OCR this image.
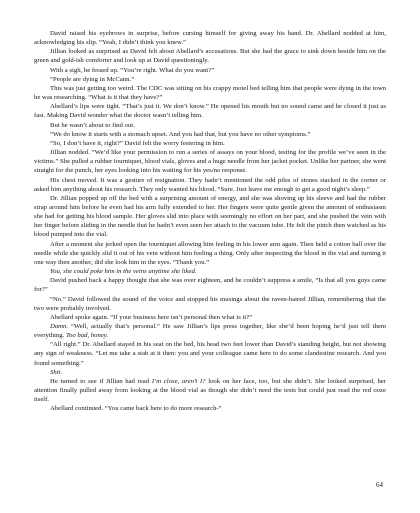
David raised his eyebrows in surprise, before cursing himself for giving away his hand. Dr. Abellard nodded at him, acknowledging his slip. “Yeah, I didn’t think you knew.”

Jillian looked as surprised as David felt about Abellard’s accusations. But she had the grace to sink down beside him on the green and gold-ish comforter and look up at David questioningly.

With a sigh, he fessed up. “You’re right. What do you want?”

“People are dying in McCann.”

This was just getting too weird. The CDC was sitting on his crappy motel bed telling him that people were dying in the town he was researching. “What is it that they have?”

Abellard’s lips were tight. “That’s just it. We don’t know.” He opened his mouth but no sound came and he closed it just as fast. Making David wonder what the doctor wasn’t telling him.

But he wasn’t about to find out.

“We do know it starts with a stomach upset. And you had that, but you have no other symptoms.”

“So, I don’t have it, right?” David felt the worry festering in him.

Jillian nodded. “We’d like your permission to run a series of assays on your blood, testing for the profile we’ve seen in the victims.” She pulled a rubber tourniquet, blood vials, gloves and a huge needle from her jacket pocket. Unlike her partner, she went straight for the punch, her eyes looking into his waiting for his yes/no response.

His chest moved. It was a gesture of resignation. They hadn’t mentioned the odd piles of stones stacked in the corner or asked him anything about his research. They only wanted his blood. “Sure. Just leave me enough to get a good night’s sleep.”

Dr. Jillian popped up off the bed with a surprising amount of energy, and she was shoving up his sleeve and had the rubber strap around him before he even had his arm fully extended to her. Her fingers were quite gentle given the amount of enthusiasm she had for getting his blood sample. Her gloves slid into place with seemingly no effort on her part, and she pushed the vein with her finger before sliding in the needle that he hadn’t even seen her attach to the vacuum tube. He felt the pinch then watched as his blood pumped into the vial.

After a moment she jerked open the tourniquet allowing him feeling in his lower arm again. Then held a cotton ball over the needle while she quickly slid it out of his vein without him feeling a thing. Only after inspecting the blood in the vial and turning it one way then another, did she look him in the eyes. “Thank you.”

You, she could poke him in the veins anytime she liked.

David pushed back a happy thought that she was over eighteen, and he couldn’t suppress a smile, “Is that all you guys came for?”

“No.” David followed the sound of the voice and stopped his musings about the raven-haired Jillian, remembering that the two were probably involved.

Abellard spoke again. “If your business here isn’t personal then what is it?”

Damn. “Well, actually that’s personal.” He saw Jillian’s lips press together, like she’d been hoping he’d just tell them everything. Too bad, honey.

“All right.” Dr. Abellard stayed in his seat on the bed, his head two feet lower than David’s standing height, but not showing any sign of weakness. “Let me take a stab at it then: you and your colleague came here to do some clandestine research. And you found something.”

Shit.

He turned to see if Jillian had read I’m close, aren’t I? look on her face, too, but she didn’t. She looked surprised, her attention finally pulled away from looking at the blood vial as though she didn’t need the tests but could just read the red ooze itself.

Abellard continued. “You came back here to do more research-”

64
